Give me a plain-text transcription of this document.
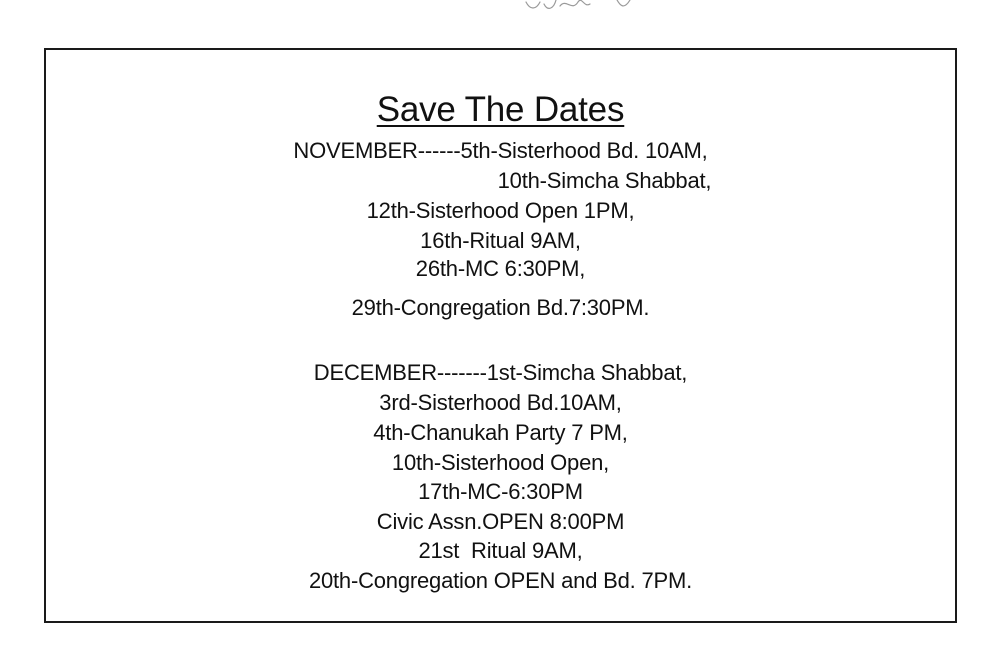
Save The Dates
NOVEMBER------5th-Sisterhood Bd. 10AM,
10th-Simcha Shabbat,
12th-Sisterhood Open 1PM,
16th-Ritual 9AM,
26th-MC 6:30PM,
29th-Congregation Bd.7:30PM.
DECEMBER-------1st-Simcha Shabbat,
3rd-Sisterhood Bd.10AM,
4th-Chanukah Party 7 PM,
10th-Sisterhood Open,
17th-MC-6:30PM
Civic Assn.OPEN 8:00PM
21st  Ritual 9AM,
20th-Congregation OPEN and Bd. 7PM.
